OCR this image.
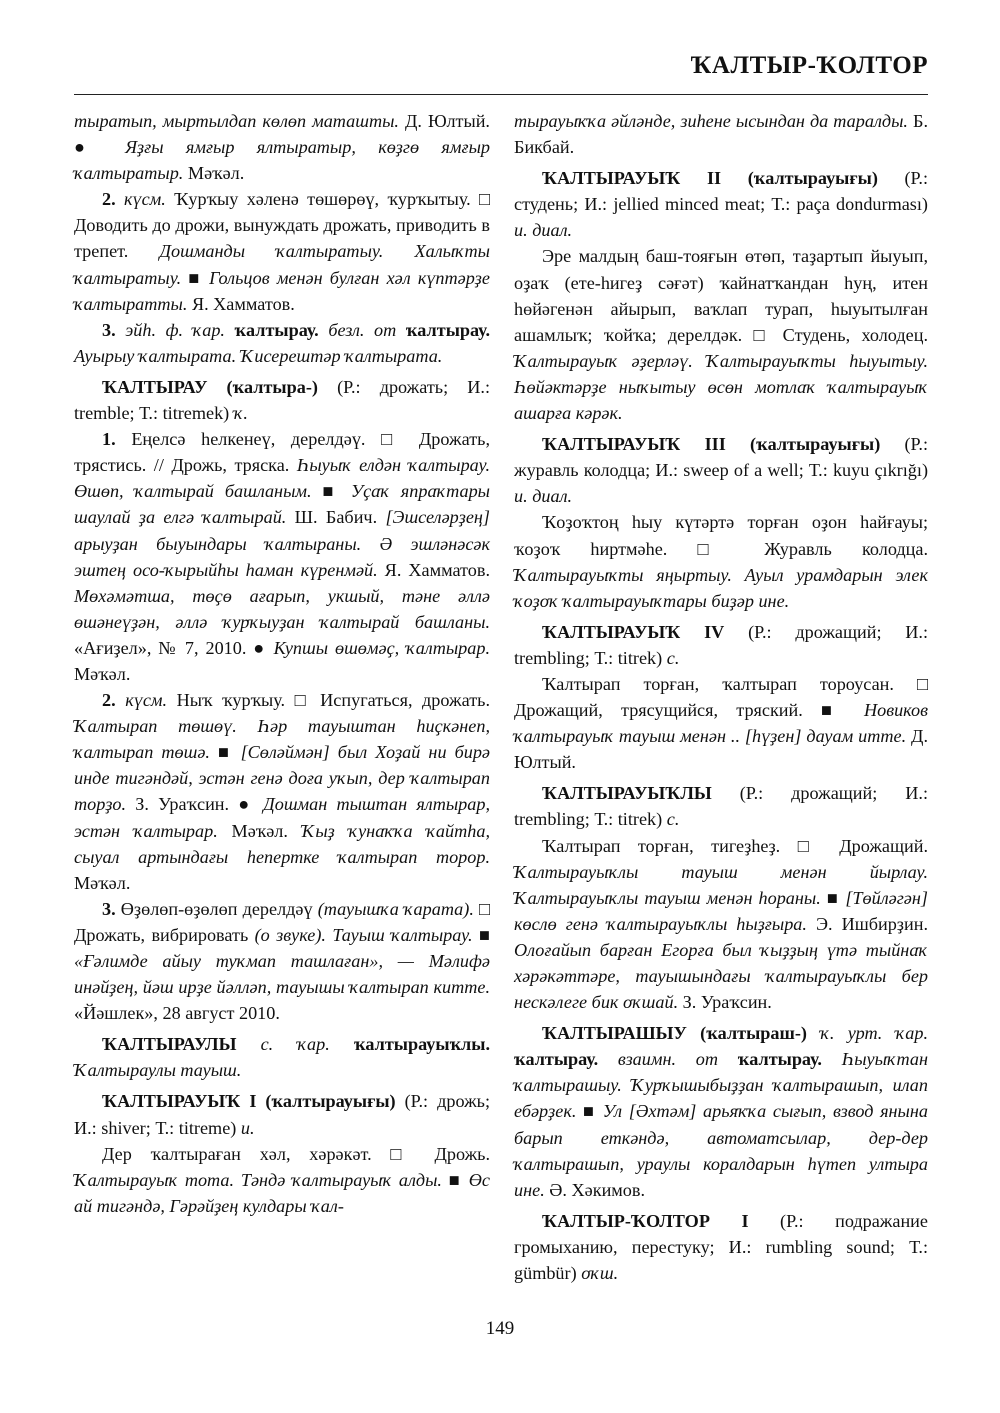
ҠАЛТЫР-ҠОЛТОР

тыратып, мыртылдап көлөп маташты. Д. Юлтый. ● Яҙғы ямғыр ялтыратыр, көҙгө ямғыр ҡалтыратыр. Мәҡәл.

2. күсм. Ҡурҡыу хәленә төшөрөү, ҡурҡытыу. □ Доводить до дрожи, вынуждать дрожать, приводить в трепет. Дошманды ҡалтыратыу. Халыҡты ҡалтыратыу. ■ Гольцов менән булған хәл күптәрҙе ҡалтыратты. Я. Хамматов.

3. эйһ. ф. ҡар. ҡалтырау. безл. от ҡалтырау. Ауырыу ҡалтырата. Ҡисерештәр ҡалтырата.

ҠАЛТЫРАУ (ҡалтыра-) (Р.: дрожать; И.: tremble; Т.: titremek) ҡ.

1. Еңелсә һелкенеү, дерелдәү. □ Дрожать, трястись. // Дрожь, тряска. Һыуыҡ елдән ҡалтырау. Өшөп, ҡалтырай башланым. ■ Уҫаҡ япраҡтары шаулай ҙа елгә ҡалтырай. Ш. Бабич. [Эшселәрҙең] арыуҙан быуындары ҡалтыраны. Ә эшләнәсәк эштең осо-ҡырыйһы һаман күренмәй. Я. Хамматов. Мөхәмәтша, төҫө ағарып, укшый, тәне әллә өшәнеүҙән, әллә ҡурҡыуҙан ҡалтырай башланы. «Ағиҙел», № 7, 2010. ● Купшы өшөмәҫ, ҡалтырар. Мәҡәл.

2. күсм. Ныҡ ҡурҡыу. □ Испугаться, дрожать. Ҡалтырап төшөү. Һәр тауыштан һиҫкәнеп, ҡалтырап төшә. ■ [Сөләймән] был Хоҙай ни бирә инде тигәндәй, эстән генә доға уҡып, дер ҡалтырап торҙо. З. Ураҡсин. ● Дошман тыштан ялтырар, эстән ҡалтырар. Мәҡәл. Ҡыҙ ҡунаҡҡа ҡайтһа, сыуал артындағы һепертке ҡалтырап торор. Мәҡәл.

3. Өҙөлөп-өҙөлөп дерелдәү (тауышҡа ҡарата). □ Дрожать, вибрировать (о звуке). Тауыш ҡалтырау. ■ «Ғәлимде айыу туҡмап ташлаған», — Мәлифә инәйҙең, йәш ирҙе йәлләп, тауышы ҡалтырап китте. «Йәшлек», 28 август 2010.

ҠАЛТЫРАУЛЫ с. ҡар. ҡалтырауыҡлы. Ҡалтыраулы тауыш.

ҠАЛТЫРАУЫҠ I (ҡалтырауығы) (Р.: дрожь; И.: shiver; Т.: titreme) и.

Дер ҡалтыраған хәл, хәрәкәт. □ Дрожь. Ҡалтырауыҡ тота. Тәндә ҡалтырауыҡ алды. ■ Өс ай тигәндә, Гәрәйҙең кулдары ҡал-

тырауыҡҡа әйләнде, зиһене ысындан да таралды. Б. Бикбай.

ҠАЛТЫРАУЫҠ II (ҡалтырауығы) (Р.: студень; И.: jellied minced meat; Т.: paça dondurması) и. диал.

Эре малдың баш-тояғын өтөп, таҙартып йыуып, оҙаҡ (ете-һигеҙ сәғәт) ҡайнатҡандан һуң, итен һөйәгенән айырып, ваҡлап турап, һыуытылған ашамлыҡ; ҡойҡа; дерелдәк. □ Студень, холодец. Ҡалтырауыҡ әҙерләү. Ҡалтырауыҡты һыуытыу. Һөйәктәрҙе ныҡытыу өсөн мотлаҡ ҡалтырауыҡ ашарға кәрәк.

ҠАЛТЫРАУЫҠ III (ҡалтырауығы) (Р.: журавль колодца; И.: sweep of a well; Т.: kuyu çıkrığı) и. диал.

Ҡоҙоҡтоң һыу күтәртә торған оҙон һайғауы; ҡоҙоҡ һиртмәһе. □ Журавль колодца. Ҡалтырауыҡты яңыртыу. Ауыл урамдарын элек ҡоҙоҡ ҡалтырауыҡтары биҙәр ине.

ҠАЛТЫРАУЫҠ IV (Р.: дрожащий; И.: trembling; Т.: titrek) с.

Ҡалтырап торған, ҡалтырап тороусан. □ Дрожащий, трясущийся, тряский. ■ Новиков ҡалтырауыҡ тауыш менән .. [һүҙен] дауам итте. Д. Юлтый.

ҠАЛТЫРАУЫҠЛЫ (Р.: дрожащий; И.: trembling; Т.: titrek) с.

Ҡалтырап торған, тигеҙһеҙ. □ Дрожащий. Ҡалтырауыҡлы тауыш менән йырлау. Ҡалтырауыҡлы тауыш менән һораны. ■ [Төйләгән] көслө генә ҡалтырауыҡлы һыҙғыра. Э. Ишбирҙин. Олоғайып барған Егорға был ҡыҙҙың үтә тыйнаҡ хәрәкәттәре, тауышындағы ҡалтырауыҡлы бер нескәлеге бик оҡшай. З. Ураҡсин.

ҠАЛТЫРАШЫУ (ҡалтыраш-) ҡ. урт. ҡар. ҡалтырау. взаимн. от ҡалтырау. Һыуыҡтан ҡалтырашыу. Ҡурҡышыбыҙҙан ҡалтырашып, илап ебәрҙек. ■ Ул [Әхтәм] арьяҡҡа сығып, взвод янына барып еткәндә, автоматсылар, дер-дер ҡалтырашып, ураулы коралдарын һүтеп ултыра ине. Ә. Хәкимов.

ҠАЛТЫР-ҠОЛТОР I (Р.: подражание громыханию, перестуку; И.: rumbling sound; Т.: gümbür) оҡш.

149
